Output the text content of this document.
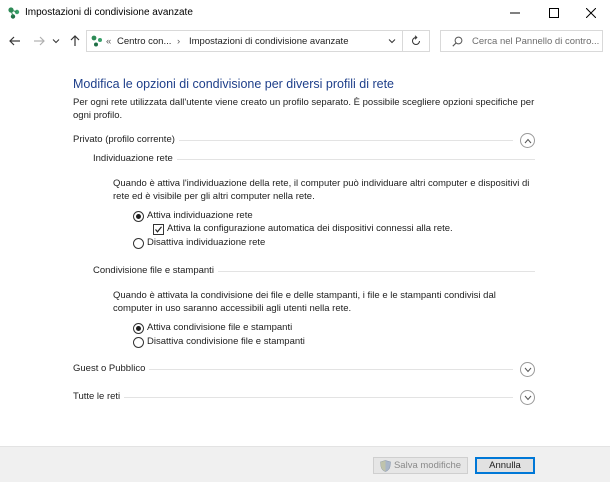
Impostazioni di condivisione avanzate
« Centro con... › Impostazioni di condivisione avanzate	Cerca nel Pannello di contro...
Modifica le opzioni di condivisione per diversi profili di rete
Per ogni rete utilizzata dall'utente viene creato un profilo separato. È possibile scegliere opzioni specifiche per ogni profilo.
Privato (profilo corrente)
Individuazione rete
Quando è attiva l'individuazione della rete, il computer può individuare altri computer e dispositivi di rete ed è visibile per gli altri computer nella rete.
Attiva individuazione rete
Attiva la configurazione automatica dei dispositivi connessi alla rete.
Disattiva individuazione rete
Condivisione file e stampanti
Quando è attivata la condivisione dei file e delle stampanti, i file e le stampanti condivisi dal computer in uso saranno accessibili agli utenti nella rete.
Attiva condivisione file e stampanti
Disattiva condivisione file e stampanti
Guest o Pubblico
Tutte le reti
Salva modifiche	Annulla
